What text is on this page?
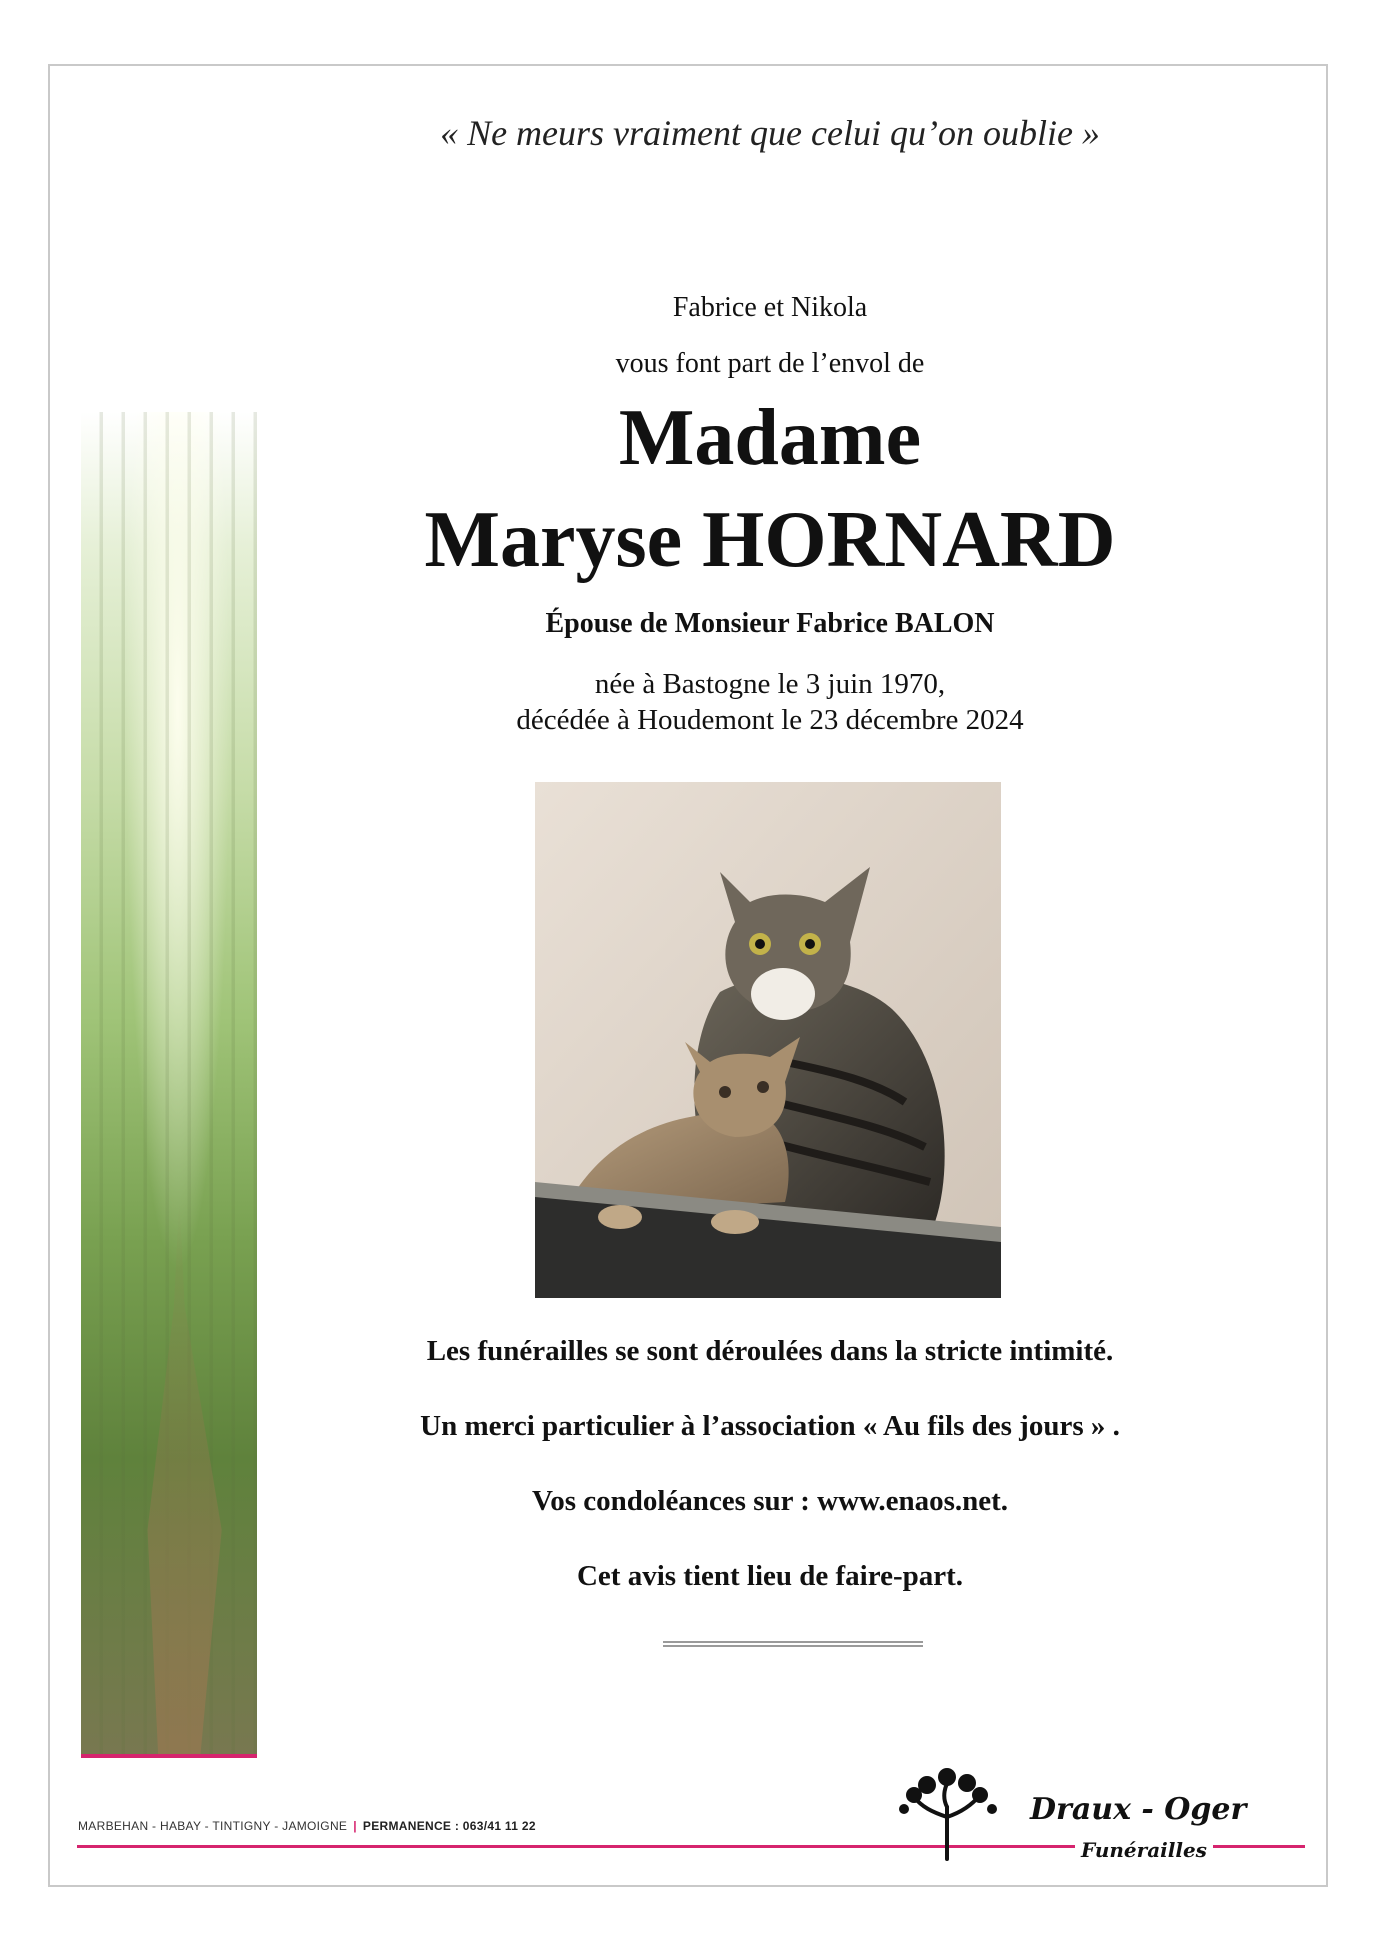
« Ne meurs vraiment que celui qu’on oublie »
Fabrice et Nikola
vous font part de l’envol de
Madame
Maryse HORNARD
Épouse de Monsieur Fabrice BALON
née à Bastogne le 3 juin 1970,
décédée à Houdemont le 23 décembre 2024
Les funérailles se sont déroulées dans la stricte intimité.
Un merci particulier à l’association « Au fils des jours » .
Vos condoléances sur : www.enaos.net.
Cet avis tient lieu de faire-part.
MARBEHAN - HABAY - TINTIGNY - JAMOIGNE | PERMANENCE : 063/41 11 22	Draux - Oger
Funérailles
